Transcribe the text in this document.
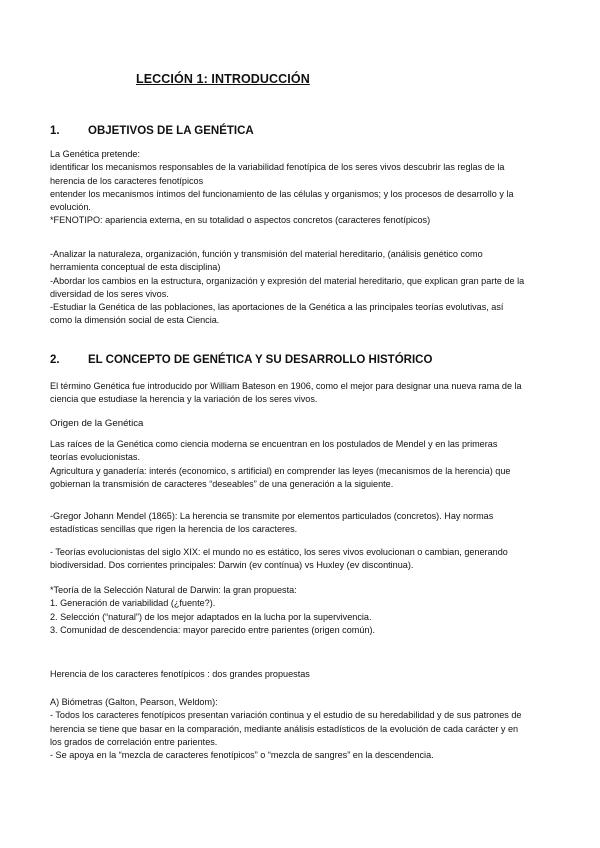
LECCIÓN 1: INTRODUCCIÓN
1. OBJETIVOS DE LA GENÉTICA

La Genética pretende:

identificar los mecanismos responsables de la variabilidad fenotípica de los seres vivos descubrir las reglas de la herencia de los caracteres fenotípicos

entender los mecanismos íntimos del funcionamiento de las células y organismos; y los procesos de desarrollo y la evolución.

*FENOTIPO: apariencia externa, en su totalidad o aspectos concretos (caracteres fenotípicos)

-Analizar la naturaleza, organización, función y transmisión del material hereditario, (análisis genético como herramienta conceptual de esta disciplina)

-Abordar los cambios en la estructura, organización y expresión del material hereditario, que explican gran parte de la diversidad de los seres vivos.

-Estudiar la Genética de las poblaciones, las aportaciones de la Genética a las principales teorías evolutivas, así como la dimensión social de esta Ciencia.

2. EL CONCEPTO DE GENÉTICA Y SU DESARROLLO HISTÓRICO
El término Genética fue introducido por William Bateson en 1906, como el mejor para designar una nueva rama de la ciencia que estudiase la herencia y la variación de los seres vivos.
Origen de la Genética

Las raíces de la Genética como ciencia moderna se encuentran en los postulados de Mendel y en las primeras teorías evolucionistas.

Agricultura y ganadería: interés (economico, s artificial) en comprender las leyes (mecanismos de la herencia) que gobiernan la transmisión de caracteres “deseables” de una generación a la siguiente.

-Gregor Johann Mendel (1865): La herencia se transmite por elementos particulados (concretos). Hay normas estadísticas sencillas que rigen la herencia de los caracteres.
- Teorías evolucionistas del siglo XIX: el mundo no es estático, los seres vivos evolucionan o cambian, generando biodiversidad. Dos corrientes principales: Darwin (ev contínua) vs Huxley (ev discontinua).

*Teoría de la Selección Natural de Darwin: la gran propuesta:

1. Generación de variabilidad (¿fuente?).

2. Selección (“natural”) de los mejor adaptados en la lucha por la supervivencia.

3. Comunidad de descendencia: mayor parecido entre parientes (origen común).

Herencia de los caracteres fenotípicos : dos grandes propuestas

A) Biómetras (Galton, Pearson, Weldom):

- Todos los caracteres fenotípicos presentan variación continua y el estudio de su heredabilidad y de sus patrones de herencia se tiene que basar en la comparación, mediante análisis estadísticos de la evolución de cada carácter y en los grados de correlación entre parientes.

- Se apoya en la “mezcla de caracteres fenotípicos” o “mezcla de sangres” en la descendencia.
